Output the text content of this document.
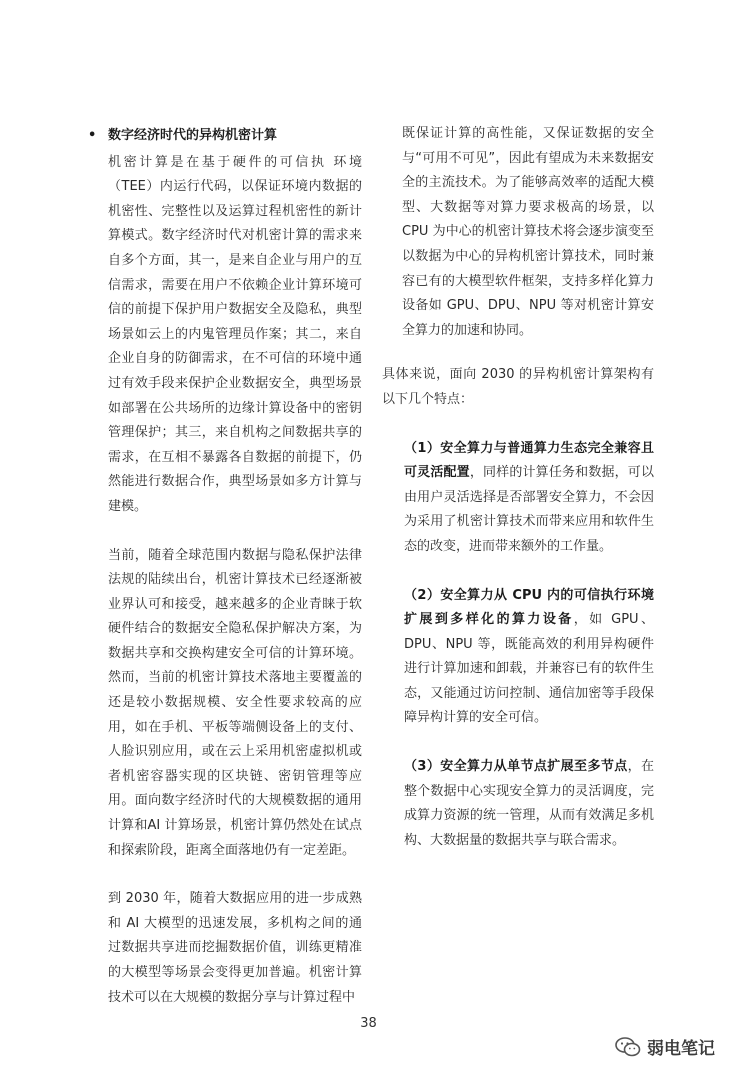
• 数字经济时代的异构机密计算

机密计算是在基于硬件的可信执 环境（TEE）内运行代码，以保证环境内数据的机密性、完整性以及运算过程机密性的新计算模式。数字经济时代对机密计算的需求来自多个方面，其一，是来自企业与用户的互信需求，需要在用户不依赖企业计算环境可信的前提下保护用户数据安全及隐私，典型场景如云上的内鬼管理员作案；其二，来自企业自身的防御需求，在不可信的环境中通过有效手段来保护企业数据安全，典型场景如部署在公共场所的边缘计算设备中的密钥管理保护；其三，来自机构之间数据共享的需求，在互相不暴露各自数据的前提下，仍然能进行数据合作，典型场景如多方计算与建模。

当前，随着全球范围内数据与隐私保护法律法规的陆续出台，机密计算技术已经逐渐被业界认可和接受，越来越多的企业青睐于软硬件结合的数据安全隐私保护解决方案，为数据共享和交换构建安全可信的计算环境。然而，当前的机密计算技术落地主要覆盖的还是较小数据规模、安全性要求较高的应用，如在手机、平板等端侧设备上的支付、人脸识别应用，或在云上采用机密虚拟机或者机密容器实现的区块链、密钥管理等应用。面向数字经济时代的大规模数据的通用计算和AI 计算场景，机密计算仍然处在试点和探索阶段，距离全面落地仍有一定差距。

到 2030 年，随着大数据应用的进一步成熟和 AI 大模型的迅速发展，多机构之间的通过数据共享进而挖掘数据价值，训练更精准的大模型等场景会变得更加普遍。机密计算技术可以在大规模的数据分享与计算过程中

既保证计算的高性能，又保证数据的安全与“可用不可见”，因此有望成为未来数据安全的主流技术。为了能够高效率的适配大模型、大数据等对算力要求极高的场景，以 CPU 为中心的机密计算技术将会逐步演变至以数据为中心的异构机密计算技术，同时兼容已有的大模型软件框架，支持多样化算力设备如 GPU、DPU、NPU 等对机密计算安全算力的加速和协同。

具体来说，面向 2030 的异构机密计算架构有以下几个特点：

（1）安全算力与普通算力生态完全兼容且可灵活配置，同样的计算任务和数据，可以由用户灵活选择是否部署安全算力，不会因为采用了机密计算技术而带来应用和软件生态的改变，进而带来额外的工作量。

（2）安全算力从 CPU 内的可信执行环境扩展到多样化的算力设备，如 GPU、DPU、NPU 等，既能高效的利用异构硬件进行计算加速和卸载，并兼容已有的软件生态，又能通过访问控制、通信加密等手段保障异构计算的安全可信。

（3）安全算力从单节点扩展至多节点，在整个数据中心实现安全算力的灵活调度，完成算力资源的统一管理，从而有效满足多机构、大数据量的数据共享与联合需求。

38
弱电笔记
